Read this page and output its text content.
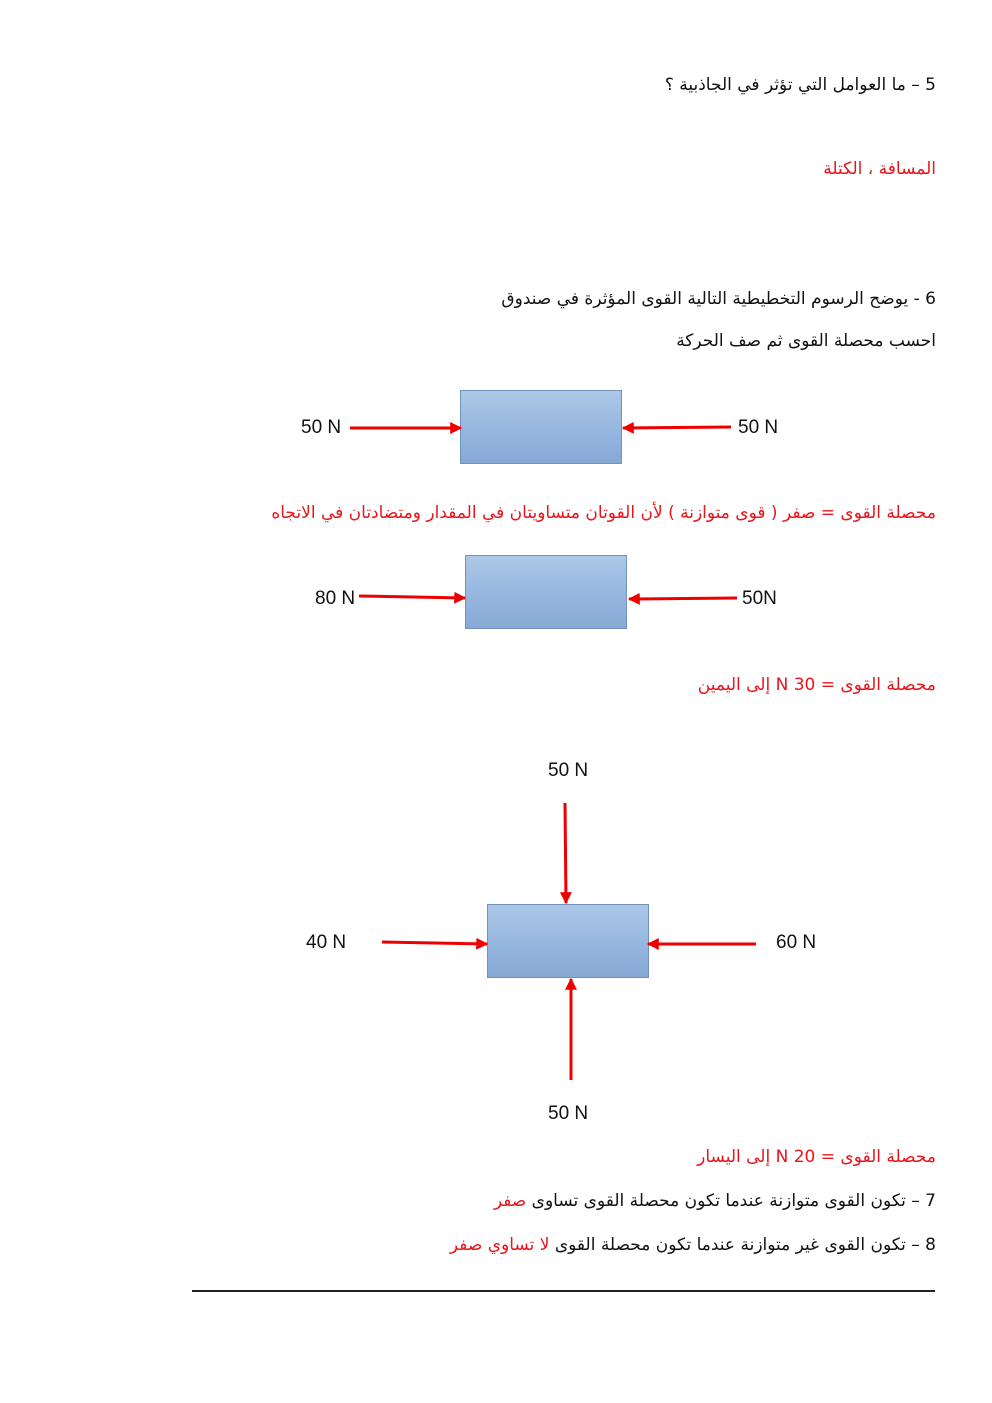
5 – ما العوامل التي تؤثر في الجاذبية ؟
المسافة ، الكتلة
6 - يوضح الرسوم التخطيطية التالية القوى المؤثرة في صندوق
احسب محصلة القوى ثم صف الحركة
50 N	50 N
محصلة القوى = صفر ( قوى متوازنة ) لأن القوتان متساويتان في المقدار ومتضادتان في الاتجاه
80 N	50N
محصلة القوى = 30 N إلى اليمين
50 N
40 N	60 N
50 N
محصلة القوى = 20 N إلى اليسار
7 – تكون القوى متوازنة عندما تكون محصلة القوى تساوى صفر
8 – تكون القوى غير متوازنة عندما تكون محصلة القوى لا تساوي صفر
